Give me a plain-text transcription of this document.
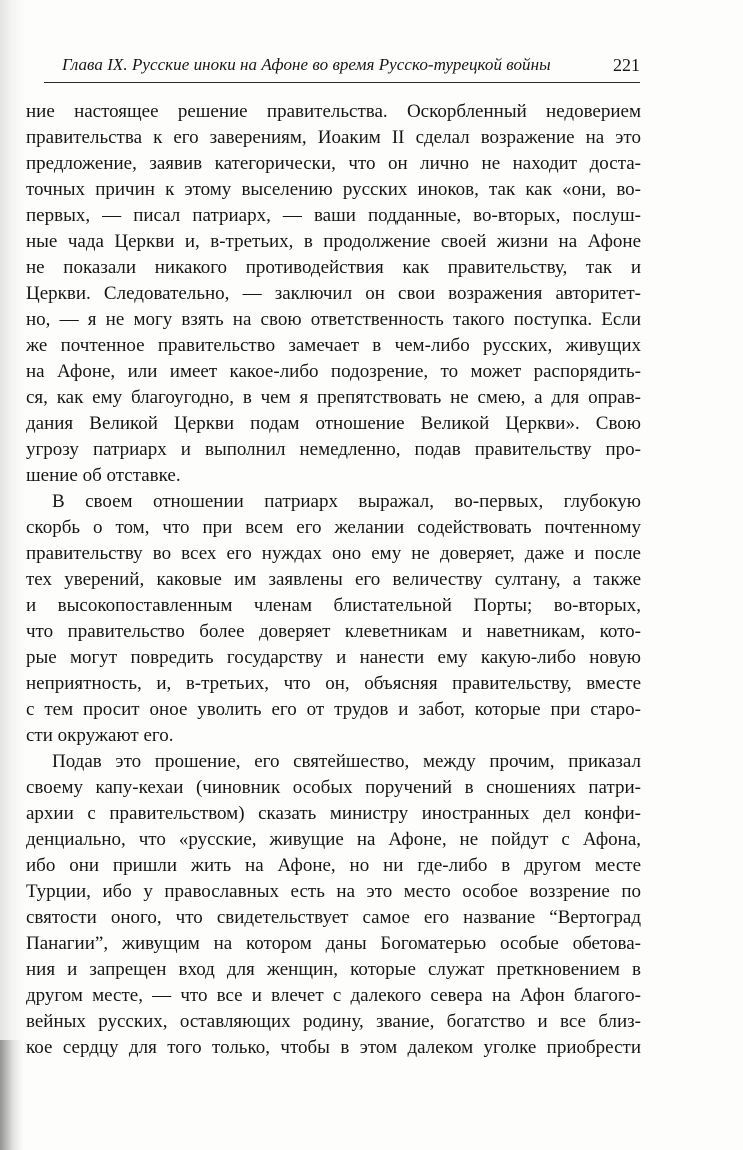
Глава IX. Русские иноки на Афоне во время Русско-турецкой войны	221
ние настоящее решение правительства. Оскорбленный недоверием
правительства к его заверениям, Иоаким II сделал возражение на это
предложение, заявив категорически, что он лично не находит доста-
точных причин к этому выселению русских иноков, так как «они, во-
первых, — писал патриарх, — ваши подданные, во-вторых, послуш-
ные чада Церкви и, в-третьих, в продолжение своей жизни на Афоне
не показали никакого противодействия как правительству, так и
Церкви. Следовательно, — заключил он свои возражения авторитет-
но, — я не могу взять на свою ответственность такого поступка. Если
же почтенное правительство замечает в чем-либо русских, живущих
на Афоне, или имеет какое-либо подозрение, то может распорядить-
ся, как ему благоугодно, в чем я препятствовать не смею, а для оправ-
дания Великой Церкви подам отношение Великой Церкви». Свою
угрозу патриарх и выполнил немедленно, подав правительству про-
шение об отставке.
В своем отношении патриарх выражал, во-первых, глубокую
скорбь о том, что при всем его желании содействовать почтенному
правительству во всех его нуждах оно ему не доверяет, даже и после
тех уверений, каковые им заявлены его величеству султану, а также
и высокопоставленным членам блистательной Порты; во-вторых,
что правительство более доверяет клеветникам и наветникам, кото-
рые могут повредить государству и нанести ему какую-либо новую
неприятность, и, в-третьих, что он, объясняя правительству, вместе
с тем просит оное уволить его от трудов и забот, которые при старо-
сти окружают его.
Подав это прошение, его святейшество, между прочим, приказал
своему капу-кехаи (чиновник особых поручений в сношениях патри-
архии с правительством) сказать министру иностранных дел конфи-
денциально, что «русские, живущие на Афоне, не пойдут с Афона,
ибо они пришли жить на Афоне, но ни где-либо в другом месте
Турции, ибо у православных есть на это место особое воззрение по
святости оного, что свидетельствует самое его название “Вертоград
Панагии”, живущим на котором даны Богоматерью особые обетова-
ния и запрещен вход для женщин, которые служат преткновением в
другом месте, — что все и влечет с далекого севера на Афон благого-
вейных русских, оставляющих родину, звание, богатство и все близ-
кое сердцу для того только, чтобы в этом далеком уголке приобрести
